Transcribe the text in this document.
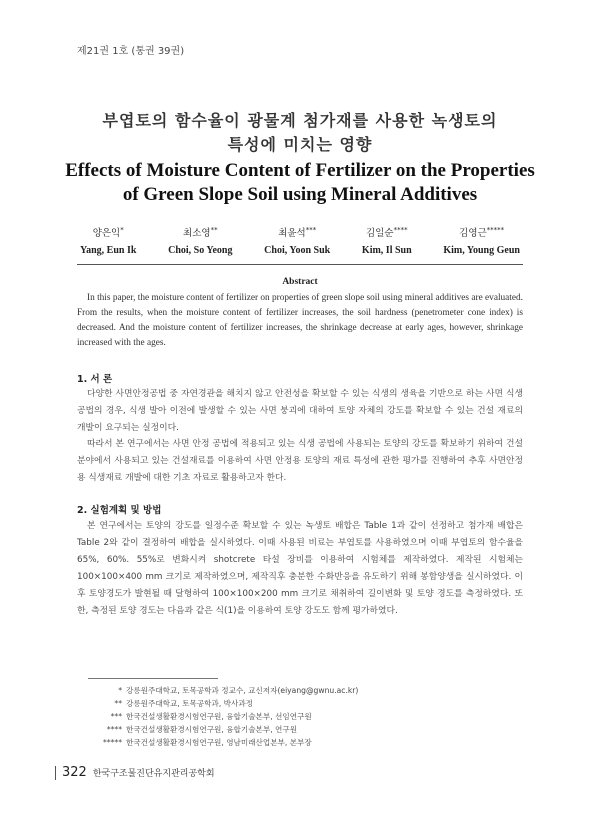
제21권 1호 (통권 39권)
부엽토의 함수율이 광물계 첨가재를 사용한 녹생토의
특성에 미치는 영향
Effects of Moisture Content of Fertilizer on the Properties
of Green Slope Soil using Mineral Additives
양은익*
Yang, Eun Ik
최소영**
Choi, So Yeong
최윤석***
Choi, Yoon Suk
김일순****
Kim, Il Sun
김영근*****
Kim, Young Geun
Abstract
In this paper, the moisture content of fertilizer on properties of green slope soil using mineral additives are evaluated. From the results, when the moisture content of fertilizer increases, the soil hardness (penetrometer cone index) is decreased. And the moisture content of fertilizer increases, the shrinkage decrease at early ages, however, shrinkage increased with the ages.
1. 서 론

다양한 사면안정공법 중 자연경관을 해치지 않고 안전성을 확보할 수 있는 식생의 생육을 기반으로 하는 사면 식생공법의 경우, 식생 발아 이전에 발생할 수 있는 사면 붕괴에 대하여 토양 자체의 강도를 확보할 수 있는 건설 재료의 개발이 요구되는 실정이다.

따라서 본 연구에서는 사면 안정 공법에 적용되고 있는 식생 공법에 사용되는 토양의 강도를 확보하기 위하여 건설분야에서 사용되고 있는 건설재료를 이용하여 사면 안정용 토양의 재료 특성에 관한 평가를 진행하여 추후 사면안정용 식생재료 개발에 대한 기초 자료로 활용하고자 한다.

2. 실험계획 및 방법

본 연구에서는 토양의 강도를 일정수준 확보할 수 있는 녹생토 배합은 Table 1과 같이 선정하고 첨가재 배합은 Table 2와 같이 결정하여 배합을 실시하였다. 이때 사용된 비료는 부엽토를 사용하였으며 이때 부엽토의 함수율을 65%, 60%. 55%로 변화시켜 shotcrete 타설 장비를 이용하여 시험체를 제작하였다. 제작된 시험체는 100×100×400 mm 크기로 제작하였으며, 제작직후 충분한 수화반응을 유도하기 위해 봉함양생을 실시하였다. 이후 토양경도가 발현될 때 달형하여 100×100×200 mm 크기로 채취하여 길이변화 및 토양 경도를 측정하였다. 또한, 측정된 토양 경도는 다음과 같은 식(1)을 이용하여 토양 강도도 함께 평가하였다.

* 강릉원주대학교, 토목공학과 정교수, 교신저자(eiyang@gwnu.ac.kr)
** 강릉원주대학교, 토목공학과, 박사과정
*** 한국건설생활환경시험연구원, 융합기술본부, 선임연구원
**** 한국건설생활환경시험연구원, 융합기술본부, 연구원
***** 한국건설생활환경시험연구원, 영남미래산업본부, 본부장
322 한국구조물진단유지관리공학회
